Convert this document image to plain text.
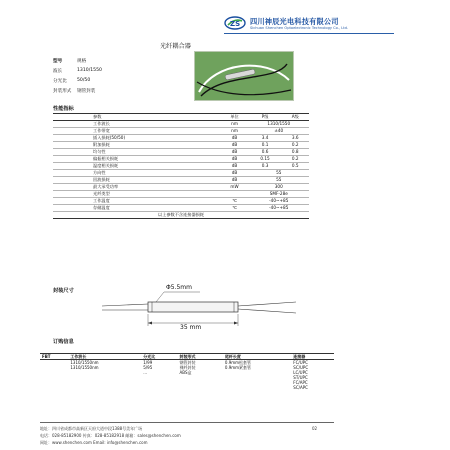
ZS 四川神辰光电科技有限公司
Sichuan Shenchen Optoelectronic Technology Co., Ltd.
光纤耦合器
型号	规格
波长	1310/1550
分光比 50/50
封装形式 钢管封装
性能指标
参数	单位	P级	A级
工作波长	nm	1310/1550	
工作带宽	nm	±40	
插入损耗(50/50)	dB	3.4	3.6
附加损耗	dB	0.1	0.2
均匀性	dB	0.6	0.8
偏振相关损耗	dB	0.15	0.2
温度相关损耗	dB	0.3	0.5
方向性	dB	55	
回波损耗	dB	55	
最大承受功率	mW	300	
光纤类型		SMF-28e	
工作温度	℃	-40~+85	
存储温度	℃	-40~+85	
以上参数不含连接器损耗			
封装尺寸	Φ5.5mm
35 mm
订购信息
FBT	工作波长	分光比	封装形式	尾纤长度	连接器
	1310/1550nm	1/99	钢管封装	0.9mm松套管	FC/UPC
	1310/1550nm	5/95	裸纤封装	0.9mm紧套管	SC/UPC
		...	ABS盒		LC/UPC
					ST/UPC
					FC/APC
					SC/APC
地址：四川省成都市高新区天府大道中段1388号美年广场	02
电话：028-85182900 传真：028-85182918 邮箱：sales@shenchen.com
网址：www.shenchen.com Email: info@shenchen.com
